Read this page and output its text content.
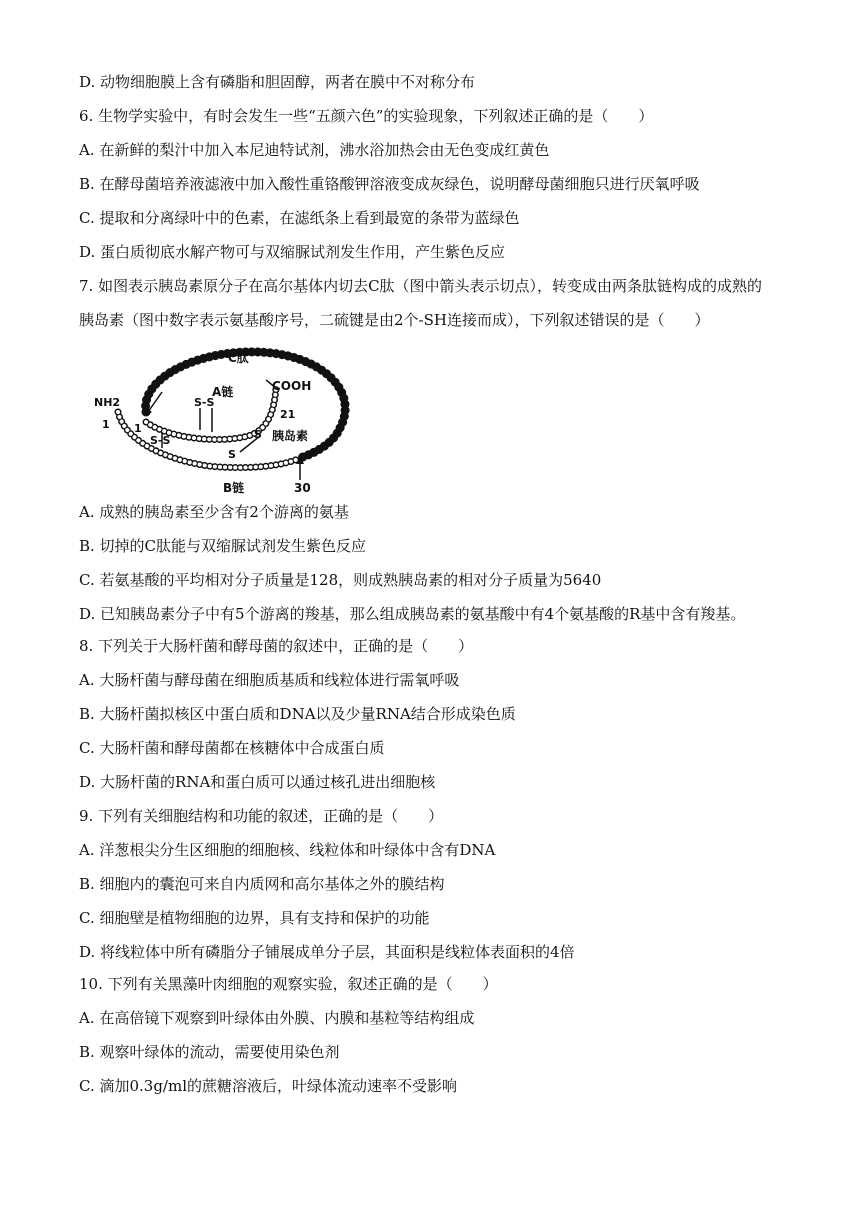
D. 动物细胞膜上含有磷脂和胆固醇，两者在膜中不对称分布
6. 生物学实验中，有时会发生一些“五颜六色”的实验现象，下列叙述正确的是（　　）
A. 在新鲜的梨汁中加入本尼迪特试剂，沸水浴加热会由无色变成红黄色
B. 在酵母菌培养液滤液中加入酸性重铬酸钾溶液变成灰绿色，说明酵母菌细胞只进行厌氧呼吸
C. 提取和分离绿叶中的色素，在滤纸条上看到最宽的条带为蓝绿色
D. 蛋白质彻底水解产物可与双缩脲试剂发生作用，产生紫色反应
7. 如图表示胰岛素原分子在高尔基体内切去C肽（图中箭头表示切点），转变成由两条肽链构成的成熟的
胰岛素（图中数字表示氨基酸序号，二硫键是由2个-SH连接而成），下列叙述错误的是（　　）
C肽
A链
B链
胰岛素
NH2
COOH
S-S
S-S	S
S
1 1
21
30
A. 成熟的胰岛素至少含有2个游离的氨基
B. 切掉的C肽能与双缩脲试剂发生紫色反应
C. 若氨基酸的平均相对分子质量是128，则成熟胰岛素的相对分子质量为5640
D. 已知胰岛素分子中有5个游离的羧基，那么组成胰岛素的氨基酸中有4个氨基酸的R基中含有羧基。
8. 下列关于大肠杆菌和酵母菌的叙述中，正确的是（　　）
A. 大肠杆菌与酵母菌在细胞质基质和线粒体进行需氧呼吸
B. 大肠杆菌拟核区中蛋白质和DNA以及少量RNA结合形成染色质
C. 大肠杆菌和酵母菌都在核糖体中合成蛋白质
D. 大肠杆菌的RNA和蛋白质可以通过核孔进出细胞核
9. 下列有关细胞结构和功能的叙述，正确的是（　　）
A. 洋葱根尖分生区细胞的细胞核、线粒体和叶绿体中含有DNA
B. 细胞内的囊泡可来自内质网和高尔基体之外的膜结构
C. 细胞壁是植物细胞的边界，具有支持和保护的功能
D. 将线粒体中所有磷脂分子铺展成单分子层，其面积是线粒体表面积的4倍
10. 下列有关黑藻叶肉细胞的观察实验，叙述正确的是（　　）
A. 在高倍镜下观察到叶绿体由外膜、内膜和基粒等结构组成
B. 观察叶绿体的流动，需要使用染色剂
C. 滴加0.3g/ml的蔗糖溶液后，叶绿体流动速率不受影响
